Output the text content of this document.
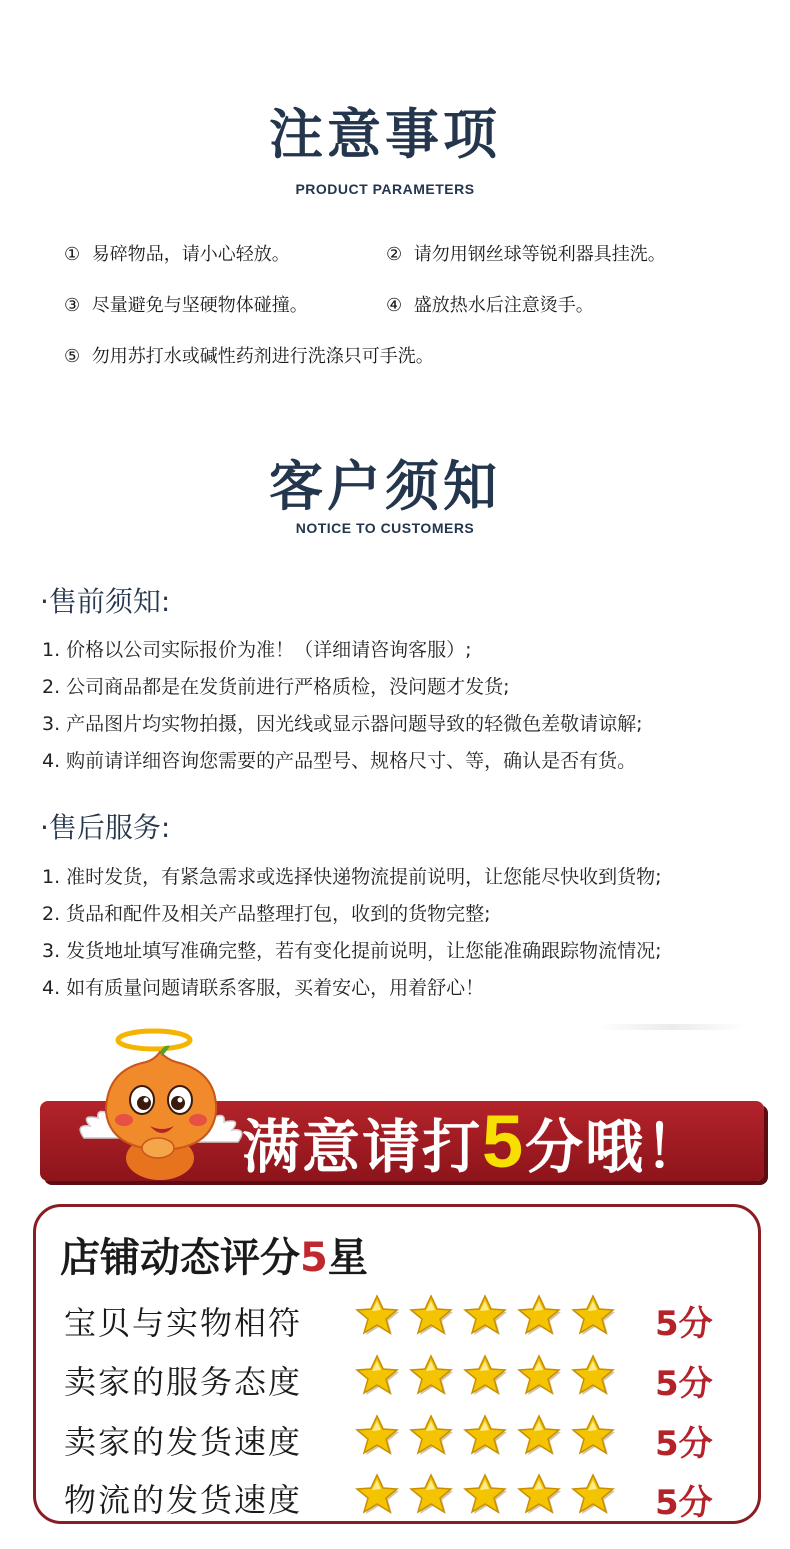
注意事项
PRODUCT PARAMETERS
① 易碎物品，请小心轻放。	② 请勿用钢丝球等锐利器具挂洗。
③ 尽量避免与坚硬物体碰撞。	④ 盛放热水后注意烫手。
⑤ 勿用苏打水或碱性药剂进行洗涤只可手洗。
客户须知
NOTICE TO CUSTOMERS
·售前须知:
1. 价格以公司实际报价为准！（详细请咨询客服）;
2. 公司商品都是在发货前进行严格质检，没问题才发货;
3. 产品图片均实物拍摄，因光线或显示器问题导致的轻微色差敬请谅解;
4. 购前请详细咨询您需要的产品型号、规格尺寸、等，确认是否有货。
·售后服务:
1. 准时发货，有紧急需求或选择快递物流提前说明，让您能尽快收到货物;
2. 货品和配件及相关产品整理打包，收到的货物完整;
3. 发货地址填写准确完整，若有变化提前说明，让您能准确跟踪物流情况;
4. 如有质量问题请联系客服，买着安心，用着舒心！
满意请打5分哦！
店铺动态评分5星
宝贝与实物相符	5分
卖家的服务态度	5分
卖家的发货速度	5分
物流的发货速度	5分
